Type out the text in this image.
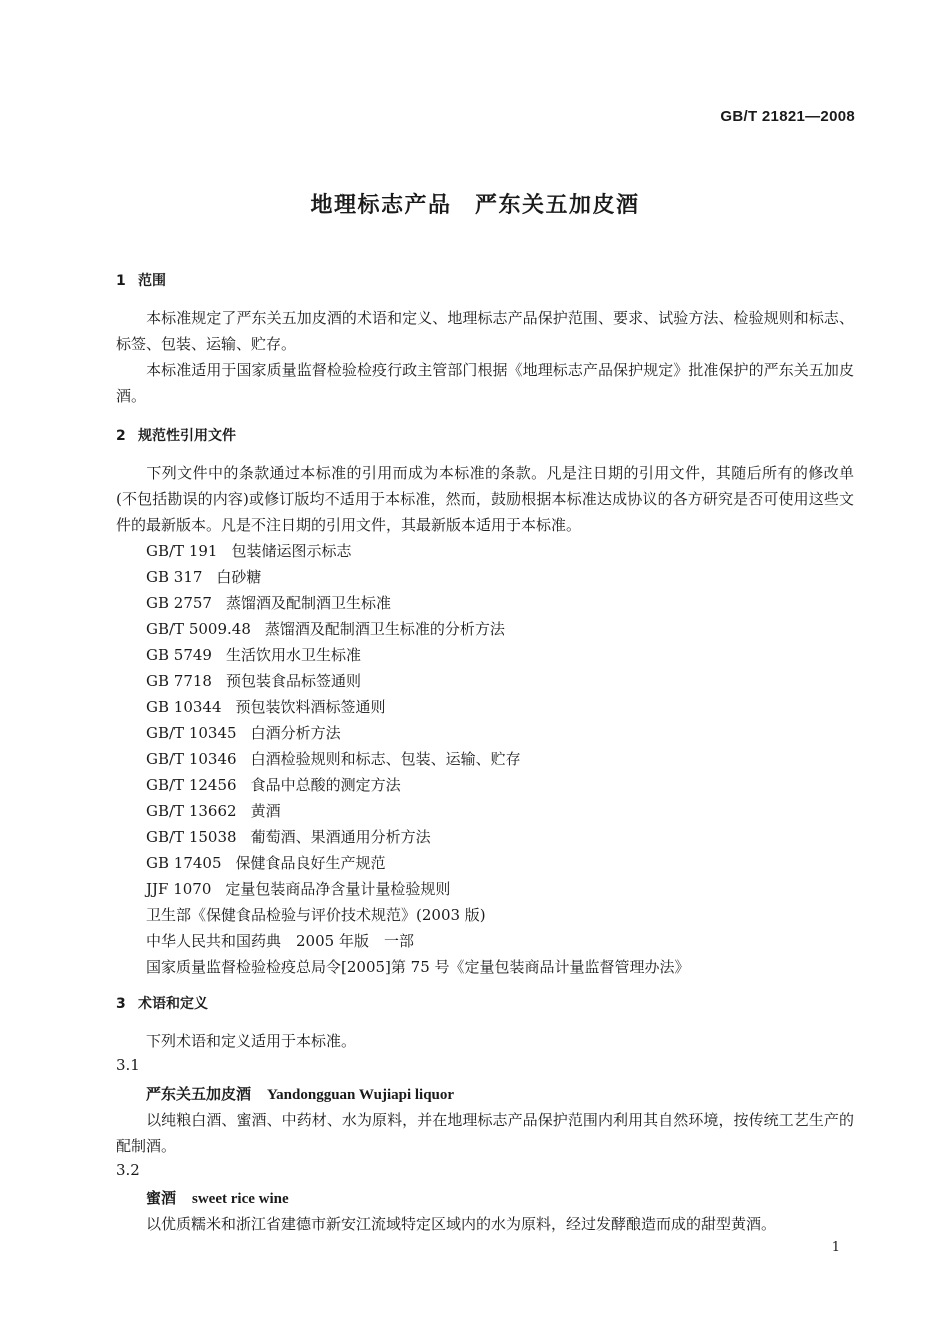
GB/T 21821—2008
地理标志产品　严东关五加皮酒
1 范围
本标准规定了严东关五加皮酒的术语和定义、地理标志产品保护范围、要求、试验方法、检验规则和标志、标签、包装、运输、贮存。
本标准适用于国家质量监督检验检疫行政主管部门根据《地理标志产品保护规定》批准保护的严东关五加皮酒。
2 规范性引用文件
下列文件中的条款通过本标准的引用而成为本标准的条款。凡是注日期的引用文件，其随后所有的修改单(不包括勘误的内容)或修订版均不适用于本标准，然而，鼓励根据本标准达成协议的各方研究是否可使用这些文件的最新版本。凡是不注日期的引用文件，其最新版本适用于本标准。
GB/T 191 包装储运图示标志
GB 317 白砂糖
GB 2757 蒸馏酒及配制酒卫生标准
GB/T 5009.48 蒸馏酒及配制酒卫生标准的分析方法
GB 5749 生活饮用水卫生标准
GB 7718 预包装食品标签通则
GB 10344 预包装饮料酒标签通则
GB/T 10345 白酒分析方法
GB/T 10346 白酒检验规则和标志、包装、运输、贮存
GB/T 12456 食品中总酸的测定方法
GB/T 13662 黄酒
GB/T 15038 葡萄酒、果酒通用分析方法
GB 17405 保健食品良好生产规范
JJF 1070 定量包装商品净含量计量检验规则
卫生部《保健食品检验与评价技术规范》(2003 版)
中华人民共和国药典　2005 年版　一部
国家质量监督检验检疫总局令[2005]第 75 号《定量包装商品计量监督管理办法》
3 术语和定义
下列术语和定义适用于本标准。
3.1
严东关五加皮酒 Yandongguan Wujiapi liquor
以纯粮白酒、蜜酒、中药材、水为原料，并在地理标志产品保护范围内利用其自然环境，按传统工艺生产的配制酒。
3.2
蜜酒 sweet rice wine
以优质糯米和浙江省建德市新安江流域特定区域内的水为原料，经过发酵酿造而成的甜型黄酒。
1
